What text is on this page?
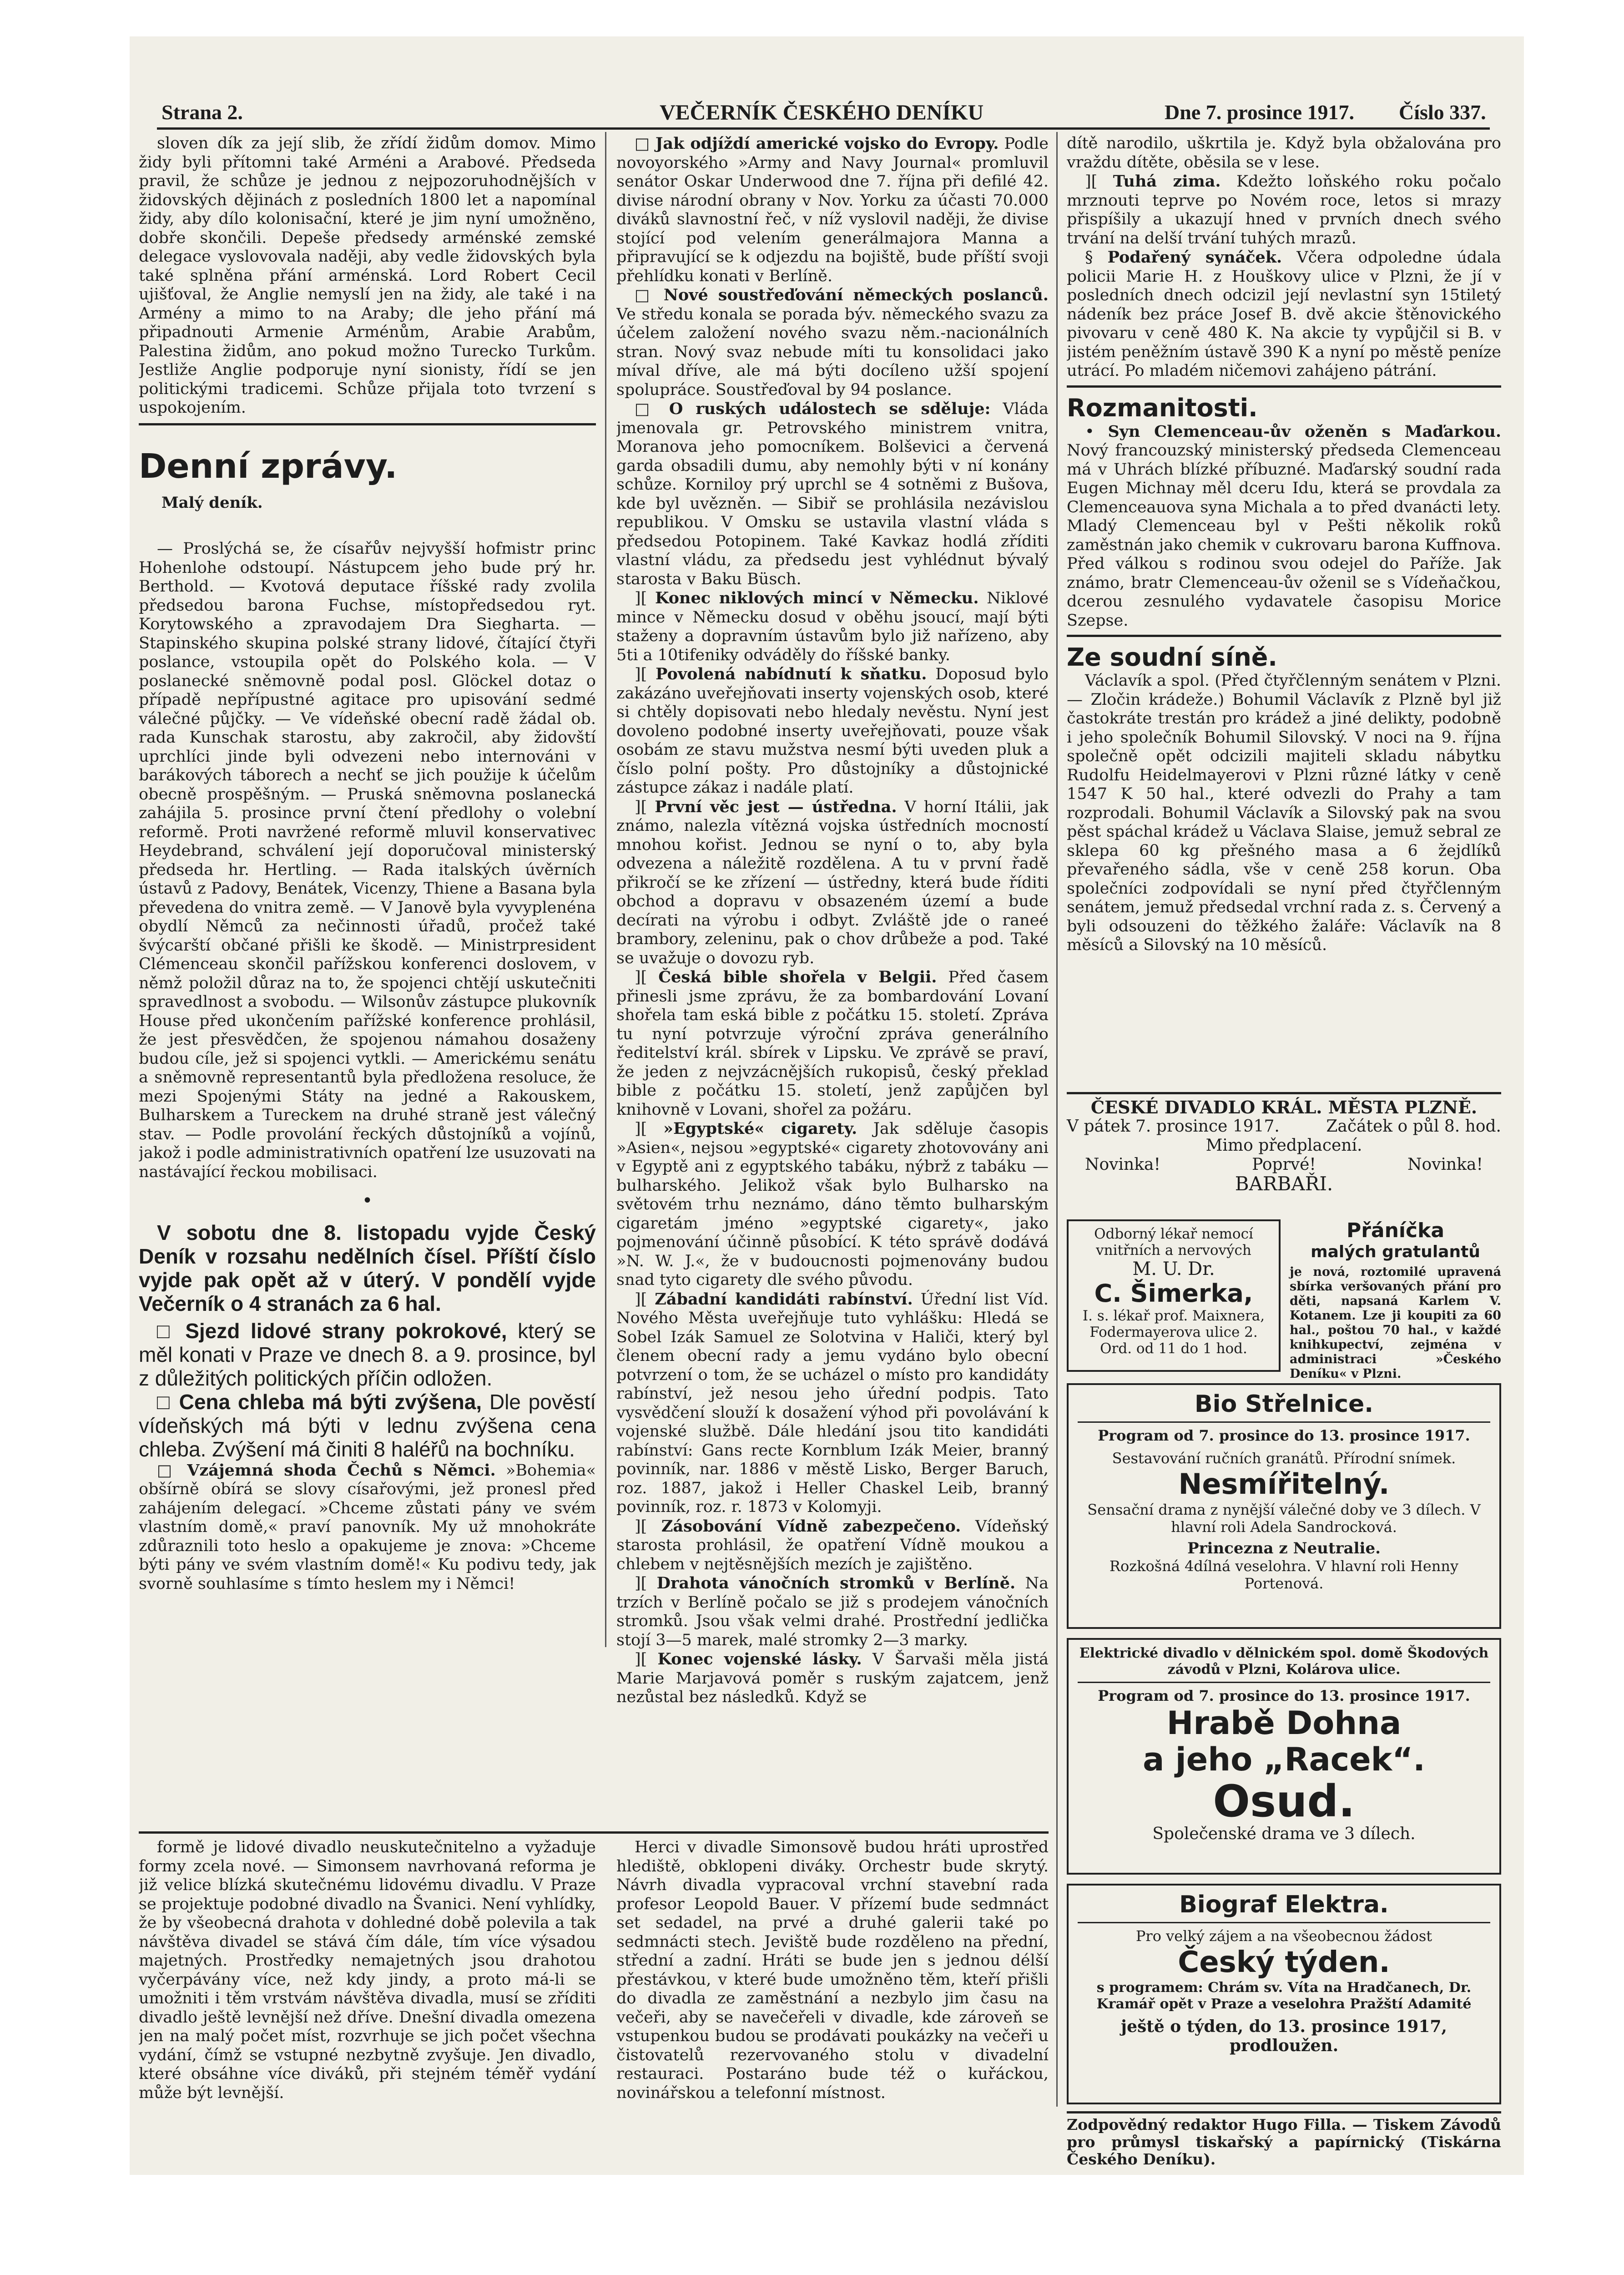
Strana 2.	VEČERNÍK ČESKÉHO DENÍKU	Dne 7. prosince 1917. Číslo 337.

sloven dík za její slib, že zřídí židům domov. Mimo židy byli přítomni také Arméni a Arabové. Předseda pravil, že schůze je jednou z nejpozoruhodnějších v židovských dějinách z posledních 1800 let a napomínal židy, aby dílo kolonisační, které je jim nyní umožněno, dobře skončili. Depeše předsedy arménské zemské delegace vyslovovala naději, aby vedle židovských byla také splněna přání arménská. Lord Robert Cecil ujišťoval, že Anglie nemyslí jen na židy, ale také i na Armény a mimo to na Araby; dle jeho přání má připadnouti Armenie Arménům, Arabie Arabům, Palestina židům, ano pokud možno Turecko Turkům. Jestliže Anglie podporuje nyní sionisty, řídí se jen politickými tradicemi. Schůze přijala toto tvrzení s uspokojením.

Denní zprávy.
Malý deník.

— Proslýchá se, že císařův nejvyšší hofmistr princ Hohenlohe odstoupí. Nástupcem jeho bude prý hr. Berthold. — Kvotová deputace říšské rady zvolila předsedou barona Fuchse, místopředsedou ryt. Korytowského a zpravodajem Dra Siegharta. — Stapinského skupina polské strany lidové, čítající čtyři poslance, vstoupila opět do Polského kola. — V poslanecké sněmovně podal posl. Glöckel dotaz o případě nepřípustné agitace pro upisování sedmé válečné půjčky. — Ve vídeňské obecní radě žádal ob. rada Kunschak starostu, aby zakročil, aby židovští uprchlíci jinde byli odvezeni nebo internováni v barákových táborech a nechť se jich použije k účelům obecně prospěšným. — Pruská sněmovna poslanecká zahájila 5. prosince první čtení předlohy o volební reformě. Proti navržené reformě mluvil konservativec Heydebrand, schválení její doporučoval ministerský předseda hr. Hertling. — Rada italských úvěrních ústavů z Padovy, Benátek, Vicenzy, Thiene a Basana byla převedena do vnitra země. — V Janově byla vyvyplenéna obydlí Němců za nečinnosti úřadů, pročež také švýcarští občané přišli ke škodě. — Ministrpresident Clémenceau skončil pařížskou konferenci doslovem, v němž položil důraz na to, že spojenci chtějí uskutečniti spravedlnost a svobodu. — Wilsonův zástupce plukovník House před ukončením pařížské konference prohlásil, že jest přesvědčen, že spojenou námahou dosaženy budou cíle, jež si spojenci vytkli. — Americkému senátu a sněmovně representantů byla předložena resoluce, že mezi Spojenými Státy na jedné a Rakouskem, Bulharskem a Tureckem na druhé straně jest válečný stav. — Podle provolání řeckých důstojníků a vojínů, jakož i podle administrativních opatření lze usuzovati na nastávající řeckou mobilisaci.

•

V sobotu dne 8. listopadu vyjde Český Deník v rozsahu nedělních čísel. Příští číslo vyjde pak opět až v úterý. V pondělí vyjde Večerník o 4 stranách za 6 hal.

□ Sjezd lidové strany pokrokové, který se měl konati v Praze ve dnech 8. a 9. prosince, byl z důležitých politických příčin odložen.

□ Cena chleba má býti zvýšena, Dle pověstí vídeňských má býti v lednu zvýšena cena chleba. Zvýšení má činiti 8 haléřů na bochníku.

□ Vzájemná shoda Čechů s Němci. »Bohemia« obšírně obírá se slovy císařovými, jež pronesl před zahájením delegací. »Chceme zůstati pány ve svém vlastním domě,« praví panovník. My už mnohokráte zdůraznili toto heslo a opakujeme je znova: »Chceme býti pány ve svém vlastním domě!« Ku podivu tedy, jak svorně souhlasíme s tímto heslem my i Němci!

formě je lidové divadlo neuskutečnitelno a vyžaduje formy zcela nové. — Simonsem navrhovaná reforma je již velice blízká skutečnému lidovému divadlu. V Praze se projektuje podobné divadlo na Švanici. Není vyhlídky, že by všeobecná drahota v dohledné době polevila a tak návštěva divadel se stává čím dále, tím více výsadou majetných. Prostředky nemajetných jsou drahotou vyčerpávány více, než kdy jindy, a proto má-li se umožniti i těm vrstvám návštěva divadla, musí se zříditi divadlo ještě levnější než dříve. Dnešní divadla omezena jen na malý počet míst, rozvrhuje se jich počet všechna vydání, čímž se vstupné nezbytně zvyšuje. Jen divadlo, které obsáhne více diváků, při stejném téměř vydání může být levnější.

□ Jak odjíždí americké vojsko do Evropy. Podle novoyorského »Army and Navy Journal« promluvil senátor Oskar Underwood dne 7. října při defilé 42. divise národní obrany v Nov. Yorku za účasti 70.000 diváků slavnostní řeč, v níž vyslovil naději, že divise stojící pod velením generálmajora Manna a připravující se k odjezdu na bojiště, bude příští svoji přehlídku konati v Berlíně.

□ Nové soustřeďování německých poslanců. Ve středu konala se porada býv. německého svazu za účelem založení nového svazu něm.-nacionálních stran. Nový svaz nebude míti tu konsolidaci jako míval dříve, ale má býti docíleno užší spojení spolupráce. Soustřeďoval by 94 poslance.

□ O ruských událostech se sděluje: Vláda jmenovala gr. Petrovského ministrem vnitra, Moranova jeho pomocníkem. Bolševici a červená garda obsadili dumu, aby nemohly býti v ní konány schůze. Korniloy prý uprchl se 4 sotněmi z Bušova, kde byl uvězněn. — Sibiř se prohlásila nezávislou republikou. V Omsku se ustavila vlastní vláda s předsedou Potopinem. Také Kavkaz hodlá zříditi vlastní vládu, za předsedu jest vyhlédnut bývalý starosta v Baku Büsch.

][ Konec niklových mincí v Německu. Niklové mince v Německu dosud v oběhu jsoucí, mají býti staženy a dopravním ústavům bylo již nařízeno, aby 5ti a 10tifeniky odváděly do říšské banky.

][ Povolená nabídnutí k sňatku. Doposud bylo zakázáno uveřejňovati inserty vojenských osob, které si chtěly dopisovati nebo hledaly nevěstu. Nyní jest dovoleno podobné inserty uveřejňovati, pouze však osobám ze stavu mužstva nesmí býti uveden pluk a číslo polní pošty. Pro důstojníky a důstojnické zástupce zákaz i nadále platí.

][ První věc jest — ústředna. V horní Itálii, jak známo, nalezla vítězná vojska ústředních mocností mnohou kořist. Jednou se nyní o to, aby byla odvezena a náležitě rozdělena. A tu v první řadě přikročí se ke zřízení — ústředny, která bude říditi obchod a dopravu v obsazeném území a bude decírati na výrobu i odbyt. Zvláště jde o raneé brambory, zeleninu, pak o chov drůbeže a pod. Také se uvažuje o dovozu ryb.

][ Česká bible shořela v Belgii. Před časem přinesli jsme zprávu, že za bombardování Lovaní shořela tam eská bible z počátku 15. století. Zpráva tu nyní potvrzuje výroční zpráva generálního ředitelství král. sbírek v Lipsku. Ve zprávě se praví, že jeden z nejvzácnějších rukopisů, český překlad bible z počátku 15. století, jenž zapůjčen byl knihovně v Lovani, shořel za požáru.

][ »Egyptské« cigarety. Jak sděluje časopis »Asien«, nejsou »egyptské« cigarety zhotovovány ani v Egyptě ani z egyptského tabáku, nýbrž z tabáku — bulharského. Jelikož však bylo Bulharsko na světovém trhu neznámo, dáno těmto bulharským cigaretám jméno »egyptské cigarety«, jako pojmenování účinně působící. K této správě dodává »N. W. J.«, že v budoucnosti pojmenovány budou snad tyto cigarety dle svého původu.

][ Zábadní kandidáti rabínství. Úřední list Víd. Nového Města uveřejňuje tuto vyhlášku: Hledá se Sobel Izák Samuel ze Solotvina v Haliči, který byl členem obecní rady a jemu vydáno bylo obecní potvrzení o tom, že se ucházel o místo pro kandidáty rabínství, jež nesou jeho úřední podpis. Tato vysvědčení slouží k dosažení výhod při povolávání k vojenské službě. Dále hledání jsou tito kandidáti rabínství: Gans recte Kornblum Izák Meier, branný povinník, nar. 1886 v městě Lisko, Berger Baruch, roz. 1887, jakož i Heller Chaskel Leib, branný povinník, roz. r. 1873 v Kolomyji.

][ Zásobování Vídně zabezpečeno. Vídeňský starosta prohlásil, že opatření Vídně moukou a chlebem v nejtěsnějších mezích je zajištěno.

][ Drahota vánočních stromků v Berlíně. Na trzích v Berlíně počalo se již s prodejem vánočních stromků. Jsou však velmi drahé. Prostřední jedlička stojí 3—5 marek, malé stromky 2—3 marky.

][ Konec vojenské lásky. V Šarvaši měla jistá Marie Marjavová poměr s ruským zajatcem, jenž nezůstal bez následků. Když se

Herci v divadle Simonsově budou hráti uprostřed hlediště, obklopeni diváky. Orchestr bude skrytý. Návrh divadla vypracoval vrchní stavební rada profesor Leopold Bauer. V přízemí bude sedmnáct set sedadel, na prvé a druhé galerii také po sedmnácti stech. Jeviště bude rozděleno na přední, střední a zadní. Hráti se bude jen s jednou délší přestávkou, v které bude umožněno těm, kteří přišli do divadla ze zaměstnání a nezbylo jim času na večeři, aby se navečeřeli v divadle, kde zároveň se vstupenkou budou se prodávati poukázky na večeři u čistovatelů rezervovaného stolu v divadelní restauraci. Postaráno bude též o kuřáckou, novinářskou a telefonní místnost.

dítě narodilo, uškrtila je. Když byla obžalována pro vraždu dítěte, oběsila se v lese.

][ Tuhá zima. Kdežto loňského roku počalo mrznouti teprve po Novém roce, letos si mrazy přispíšily a ukazují hned v prvních dnech svého trvání na delší trvání tuhých mrazů.

§ Podařený synáček. Včera odpoledne údala policii Marie H. z Houškovy ulice v Plzni, že jí v posledních dnech odcizil její nevlastní syn 15tiletý nádeník bez práce Josef B. dvě akcie štěnovického pivovaru v ceně 480 K. Na akcie ty vypůjčil si B. v jistém peněžním ústavě 390 K a nyní po městě peníze utrácí. Po mladém ničemovi zahájeno pátrání.

Rozmanitosti.

• Syn Clemenceau-ův oženěn s Maďarkou. Nový francouzský ministerský předseda Clemenceau má v Uhrách blízké příbuzné. Maďarský soudní rada Eugen Michnay měl dceru Idu, která se provdala za Clemenceauova syna Michala a to před dvanácti lety. Mladý Clemenceau byl v Pešti několik roků zaměstnán jako chemik v cukrovaru barona Kuffnova. Před válkou s rodinou svou odejel do Paříže. Jak známo, bratr Clemenceau-ův oženil se s Vídeňačkou, dcerou zesnulého vydavatele časopisu Morice Szepse.

Ze soudní síně.

Václavík a spol. (Před čtyřčlenným senátem v Plzni. — Zločin krádeže.) Bohumil Václavík z Plzně byl již častokráte trestán pro krádež a jiné delikty, podobně i jeho společník Bohumil Silovský. V noci na 9. října společně opět odcizili majiteli skladu nábytku Rudolfu Heidelmayerovi v Plzni různé látky v ceně 1547 K 50 hal., které odvezli do Prahy a tam rozprodali. Bohumil Václavík a Silovský pak na svou pěst spáchal krádež u Václava Slaise, jemuž sebral ze sklepa 60 kg přešného masa a 6 žejdlíků převařeného sádla, vše v ceně 258 korun. Oba společníci zodpovídali se nyní před čtyřčlenným senátem, jemuž předsedal vrchní rada z. s. Červený a byli odsouzeni do těžkého žaláře: Václavík na 8 měsíců a Silovský na 10 měsíců.

ČESKÉ DIVADLO KRÁL. MĚSTA PLZNĚ.
V pátek 7. prosince 1917.	Začátek o půl 8. hod.
Mimo předplacení.
Novinka!	Poprvé!	Novinka!
BARBAŘI.
Odborný lékař nemocí
vnitřních a nervových
M. U. Dr.
C. Šimerka,
I. s. lékař prof. Maixnera,
Fodermayerova ulice 2.
Ord. od 11 do 1 hod.
Přáníčka
malých gratulantů
je nová, roztomilé upravená sbírka veršovaných přání pro děti, napsaná Karlem V. Kotanem. Lze ji koupiti za 60 hal., poštou 70 hal., v každé knihkupectví, zejména v administraci »Českého Deníku« v Plzni.
Bio Střelnice.
Program od 7. prosince do 13. prosince 1917.
Sestavování ručních granátů. Přírodní snímek.
Nesmířitelný.
Sensační drama z nynější válečné doby ve 3 dílech. V hlavní roli Adela Sandrocková.
Princezna z Neutralie.
Rozkošná 4dílná veselohra. V hlavní roli Henny Portenová.
Elektrické divadlo v dělnickém spol. domě Škodových závodů v Plzni, Kolárova ulice.
Program od 7. prosince do 13. prosince 1917.
Hrabě Dohna
a jeho „Racek“.
Osud.
Společenské drama ve 3 dílech.
Biograf Elektra.
Pro velký zájem a na všeobecnou žádost
Český týden.
s programem: Chrám sv. Víta na Hradčanech, Dr. Kramář opět v Praze a veselohra Pražští Adamité
ještě o týden, do 13. prosince 1917, prodloužen.
Zodpovědný redaktor Hugo Filla. — Tiskem Závodů pro průmysl tiskařský a papírnický (Tiskárna Českého Deníku).
